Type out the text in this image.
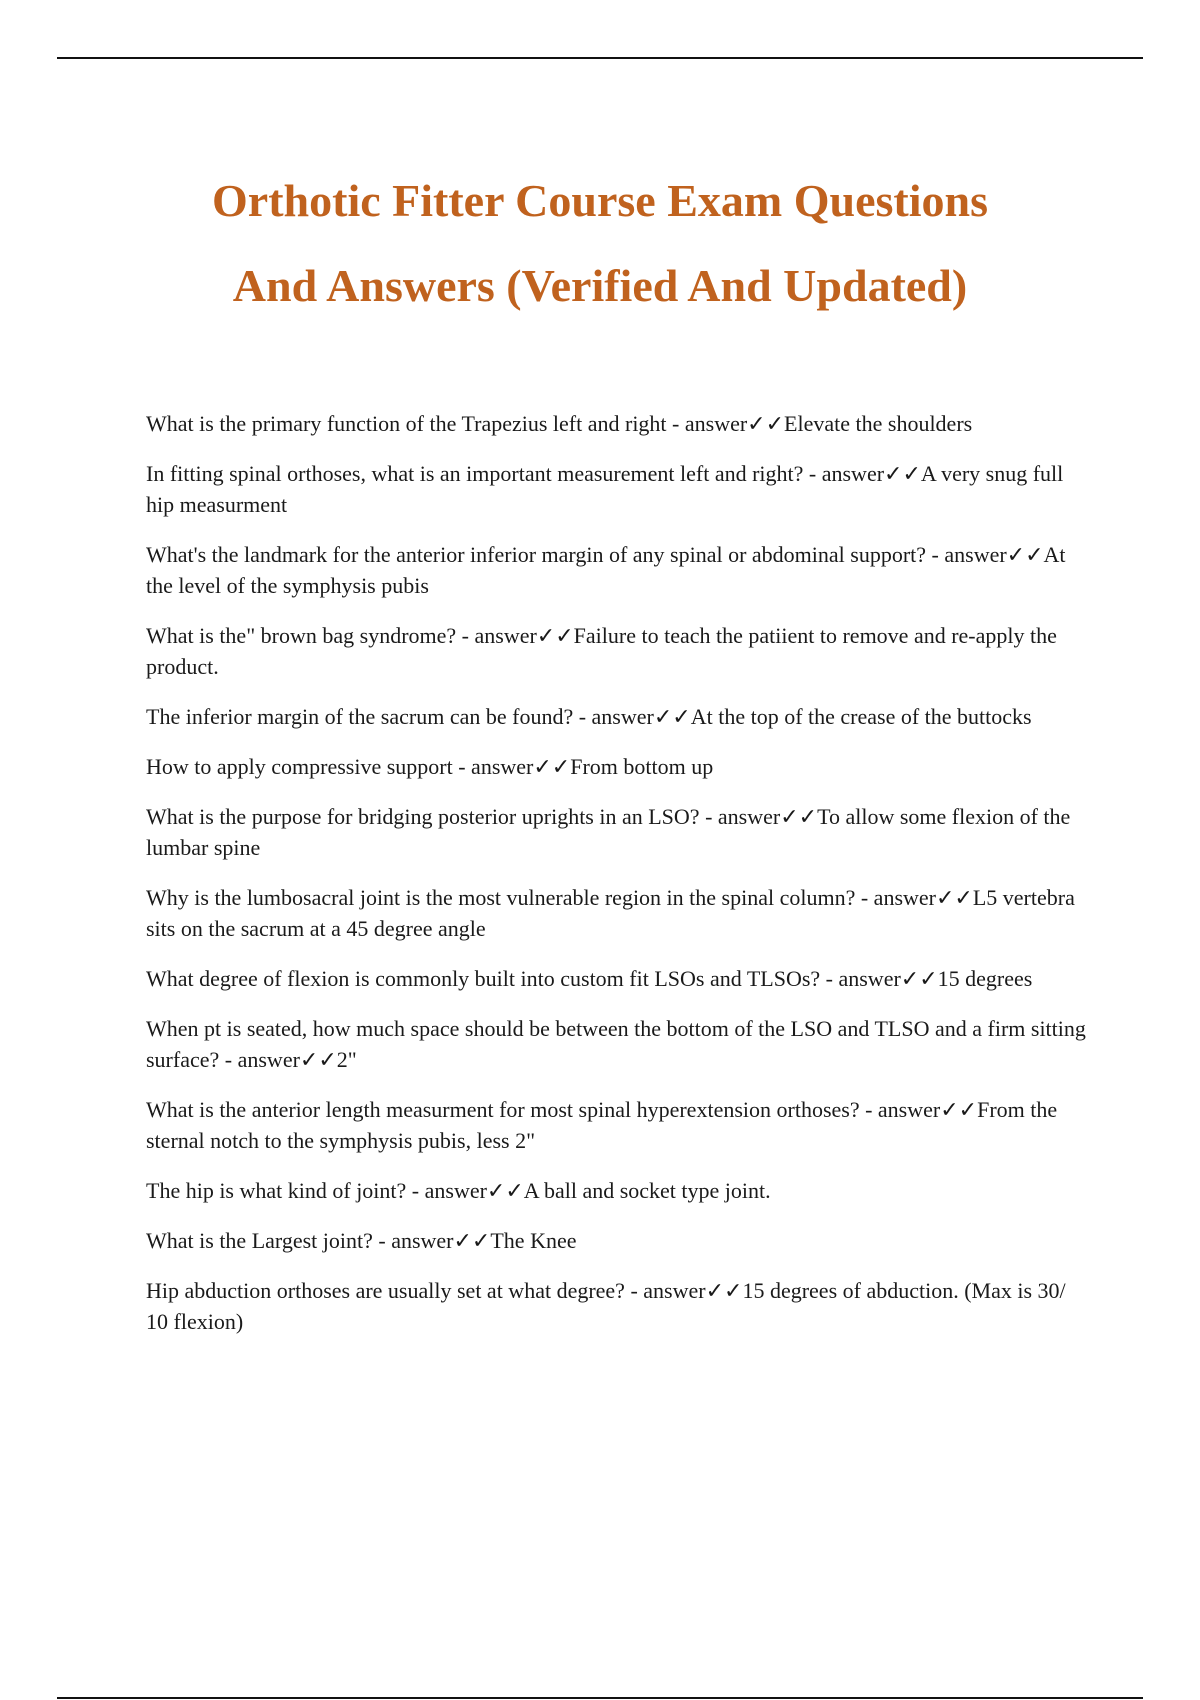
Orthotic Fitter Course Exam Questions
And Answers (Verified And Updated)
What is the primary function of the Trapezius left and right - answer✓✓Elevate the shoulders
In fitting spinal orthoses, what is an important measurement left and right? - answer✓✓A very snug full hip measurment
What's the landmark for the anterior inferior margin of any spinal or abdominal support? - answer✓✓At the level of the symphysis pubis
What is the" brown bag syndrome? - answer✓✓Failure to teach the patiient to remove and re-apply the product.
The inferior margin of the sacrum can be found? - answer✓✓At the top of the crease of the buttocks
How to apply compressive support - answer✓✓From bottom up
What is the purpose for bridging posterior uprights in an LSO? - answer✓✓To allow some flexion of the lumbar spine
Why is the lumbosacral joint is the most vulnerable region in the spinal column? - answer✓✓L5 vertebra sits on the sacrum at a 45 degree angle
What degree of flexion is commonly built into custom fit LSOs and TLSOs? - answer✓✓15 degrees
When pt is seated, how much space should be between the bottom of the LSO and TLSO and a firm sitting surface? - answer✓✓2"
What is the anterior length measurment for most spinal hyperextension orthoses? - answer✓✓From the sternal notch to the symphysis pubis, less 2"
The hip is what kind of joint? - answer✓✓A ball and socket type joint.
What is the Largest joint? - answer✓✓The Knee
Hip abduction orthoses are usually set at what degree? - answer✓✓15 degrees of abduction. (Max is 30/ 10 flexion)
